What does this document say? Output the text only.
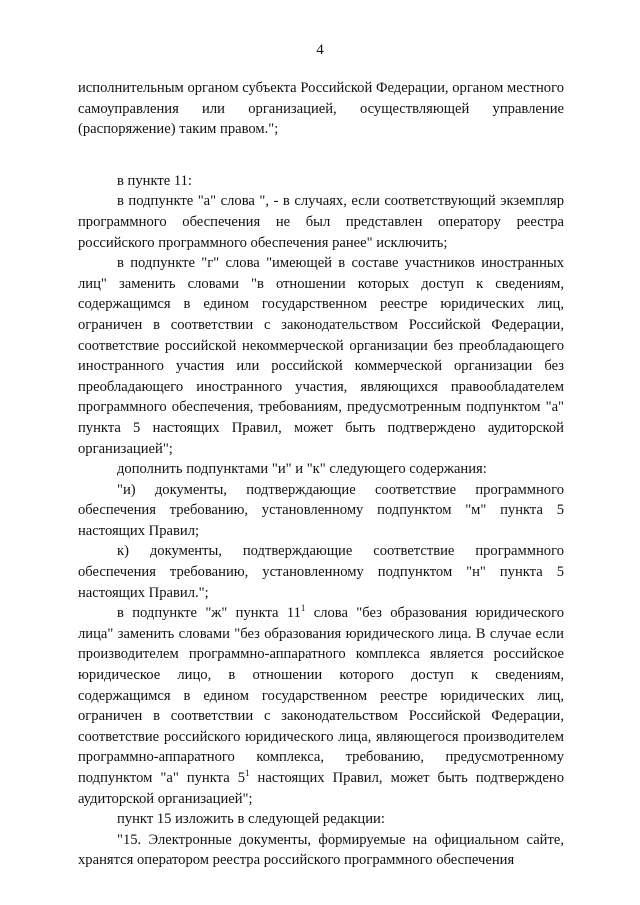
4

исполнительным органом субъекта Российской Федерации, органом местного самоуправления или организацией, осуществляющей управление (распоряжение) таким правом.";

в пункте 11:

в подпункте "а" слова ", - в случаях, если соответствующий экземпляр программного обеспечения не был представлен оператору реестра российского программного обеспечения ранее" исключить;

в подпункте "г" слова "имеющей в составе участников иностранных лиц" заменить словами "в отношении которых доступ к сведениям, содержащимся в едином государственном реестре юридических лиц, ограничен в соответствии с законодательством Российской Федерации, соответствие российской некоммерческой организации без преобладающего иностранного участия или российской коммерческой организации без преобладающего иностранного участия, являющихся правообладателем программного обеспечения, требованиям, предусмотренным подпунктом "а" пункта 5 настоящих Правил, может быть подтверждено аудиторской организацией";

дополнить подпунктами "и" и "к" следующего содержания:

"и) документы, подтверждающие соответствие программного обеспечения требованию, установленному подпунктом "м" пункта 5 настоящих Правил;

к) документы, подтверждающие соответствие программного обеспечения требованию, установленному подпунктом "н" пункта 5 настоящих Правил.";

в подпункте "ж" пункта $11^1$ слова "без образования юридического лица" заменить словами "без образования юридического лица. В случае если производителем программно-аппаратного комплекса является российское юридическое лицо, в отношении которого доступ к сведениям, содержащимся в едином государственном реестре юридических лиц, ограничен в соответствии с законодательством Российской Федерации, соответствие российского юридического лица, являющегося производителем программно-аппаратного комплекса, требованию, предусмотренному подпунктом "а" пункта $5^1$ настоящих Правил, может быть подтверждено аудиторской организацией";

пункт 15 изложить в следующей редакции:

"15. Электронные документы, формируемые на официальном сайте, хранятся оператором реестра российского программного обеспечения
